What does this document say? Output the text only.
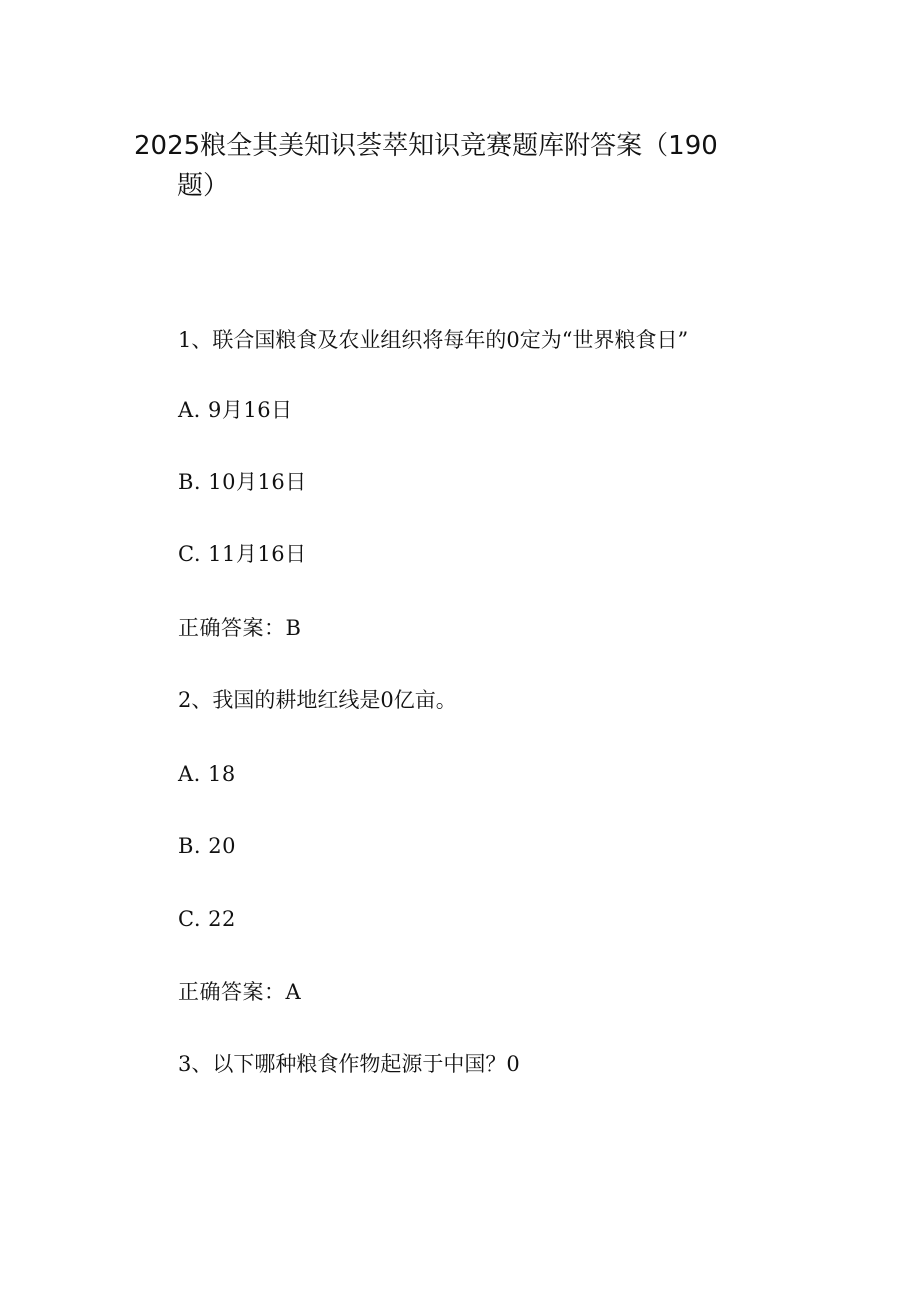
2025粮全其美知识荟萃知识竞赛题库附答案（190
题）

1、联合国粮食及农业组织将每年的0定为“世界粮食日”

A. 9月16日

B. 10月16日

C. 11月16日

正确答案：B

2、我国的耕地红线是0亿亩。

A. 18

B. 20

C. 22

正确答案：A

3、以下哪种粮食作物起源于中国？0
